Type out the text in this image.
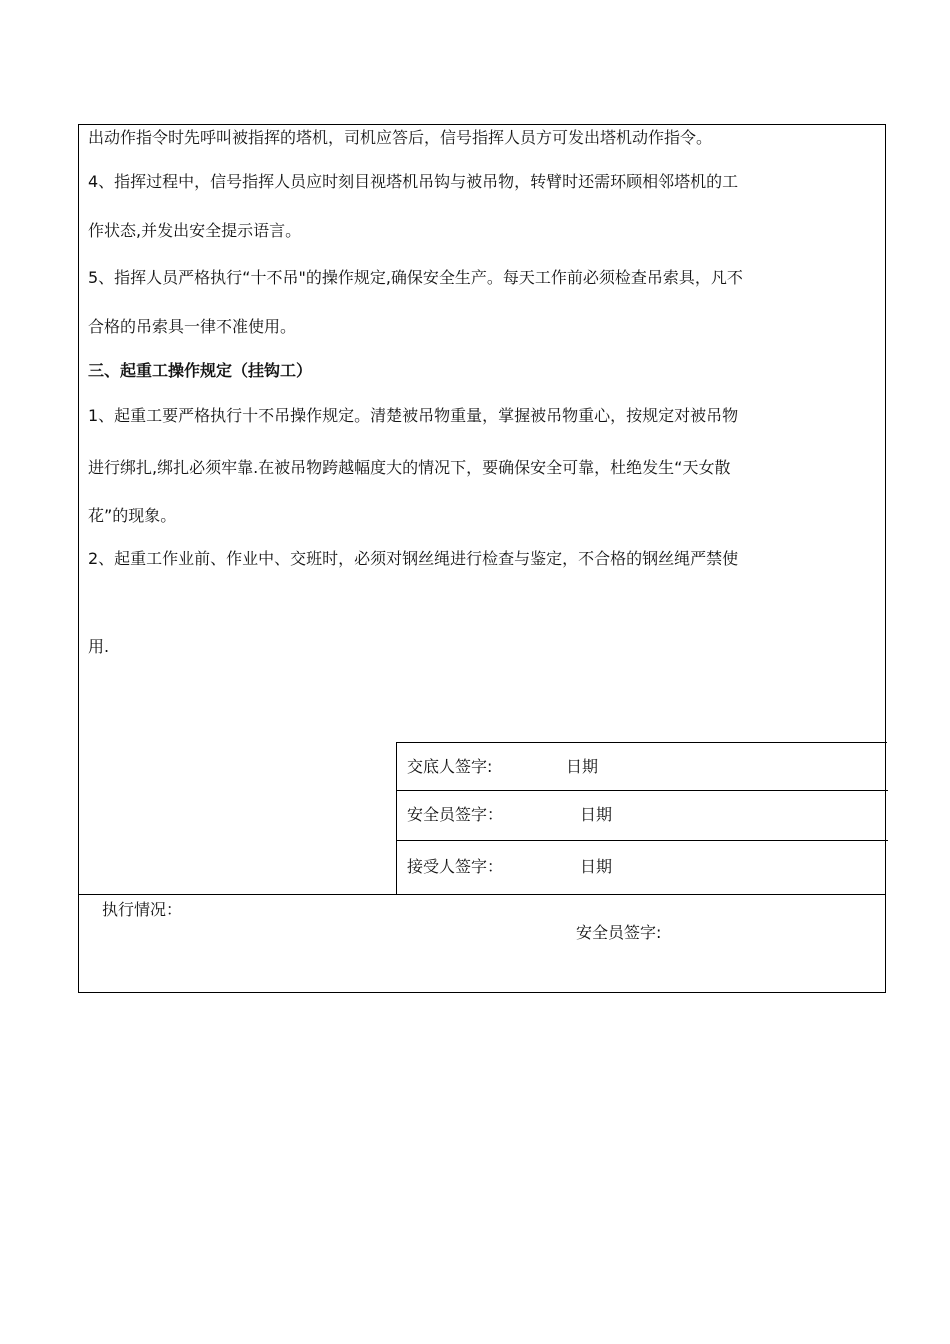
出动作指令时先呼叫被指挥的塔机，司机应答后，信号指挥人员方可发出塔机动作指令。
4、指挥过程中，信号指挥人员应时刻目视塔机吊钩与被吊物，转臂时还需环顾相邻塔机的工
作状态,并发出安全提示语言。
5、指挥人员严格执行“十不吊"的操作规定,确保安全生产。每天工作前必须检查吊索具，凡不
合格的吊索具一律不准使用。
三、起重工操作规定（挂钩工）
1、起重工要严格执行十不吊操作规定。清楚被吊物重量，掌握被吊物重心，按规定对被吊物
进行绑扎,绑扎必须牢靠.在被吊物跨越幅度大的情况下，要确保安全可靠，杜绝发生“天女散
花”的现象。
2、起重工作业前、作业中、交班时，必须对钢丝绳进行检查与鉴定，不合格的钢丝绳严禁使
用.
交底人签字:	日期
安全员签字：	日期
接受人签字：	日期
执行情况：
安全员签字:
